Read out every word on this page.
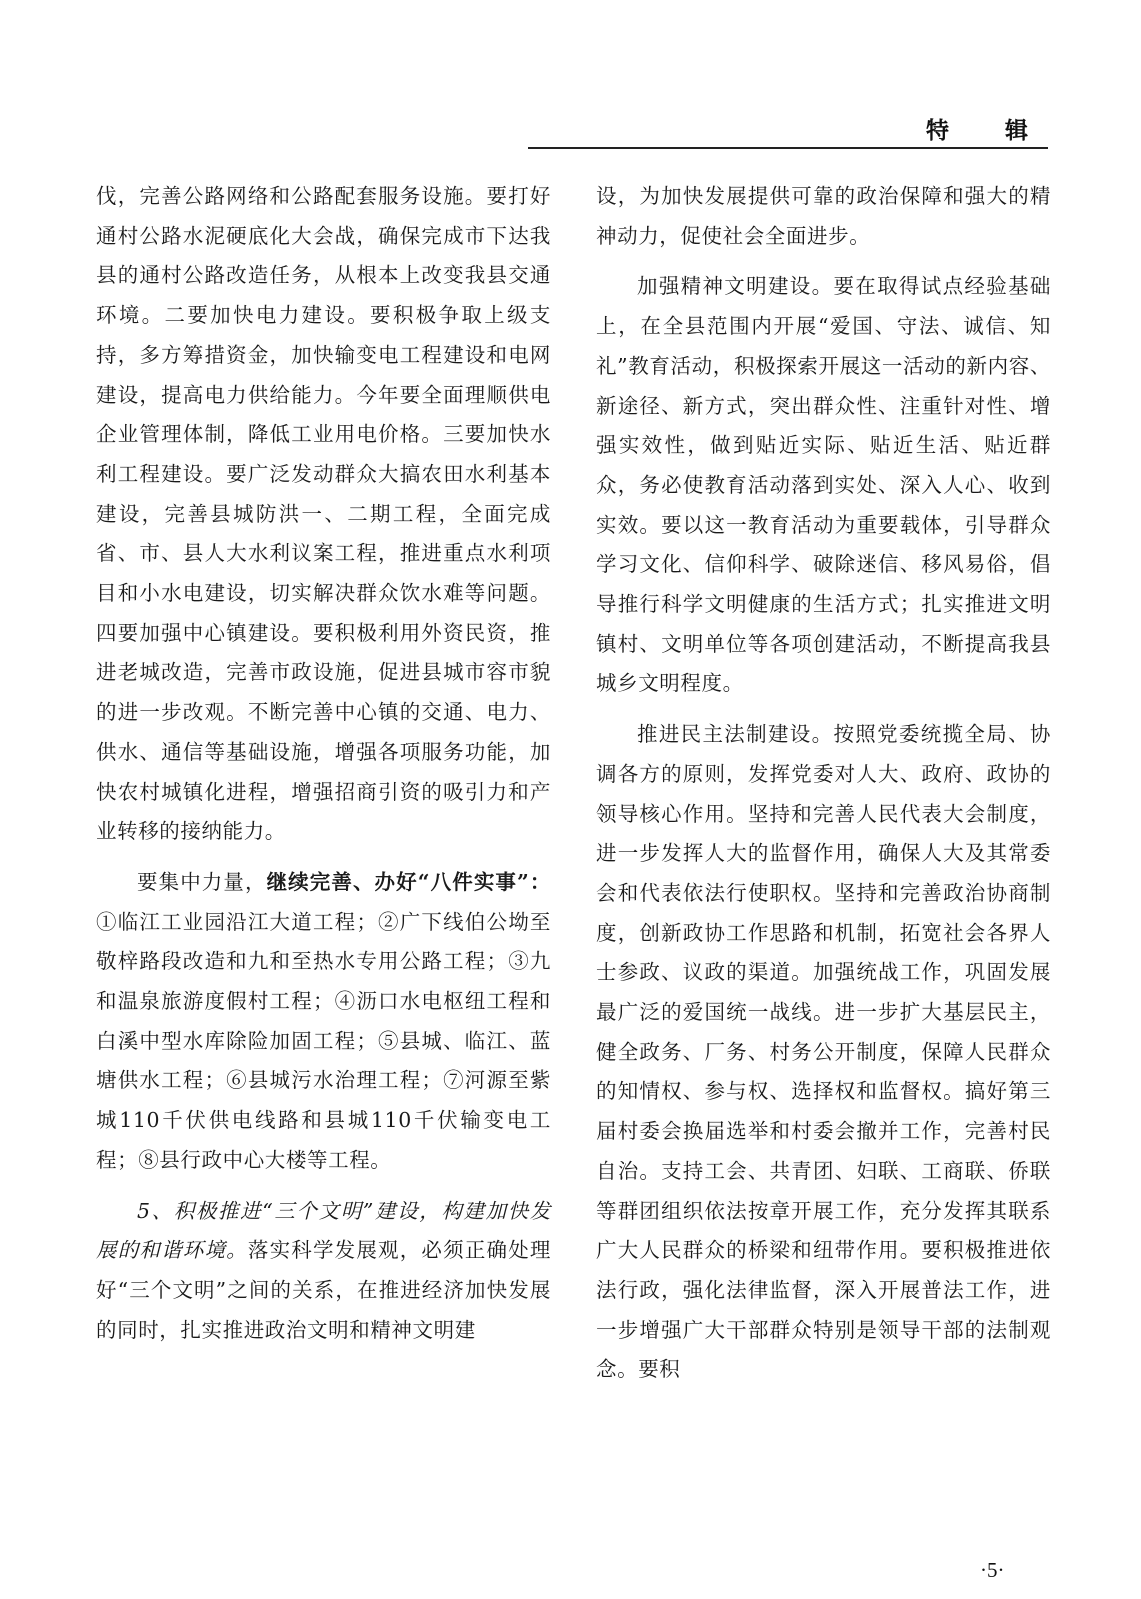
特 辑

伐，完善公路网络和公路配套服务设施。要打好通村公路水泥硬底化大会战，确保完成市下达我县的通村公路改造任务，从根本上改变我县交通环境。二要加快电力建设。要积极争取上级支持，多方筹措资金，加快输变电工程建设和电网建设，提高电力供给能力。今年要全面理顺供电企业管理体制，降低工业用电价格。三要加快水利工程建设。要广泛发动群众大搞农田水利基本建设，完善县城防洪一、二期工程，全面完成省、市、县人大水利议案工程，推进重点水利项目和小水电建设，切实解决群众饮水难等问题。四要加强中心镇建设。要积极利用外资民资，推进老城改造，完善市政设施，促进县城市容市貌的进一步改观。不断完善中心镇的交通、电力、供水、通信等基础设施，增强各项服务功能，加快农村城镇化进程，增强招商引资的吸引力和产业转移的接纳能力。

要集中力量，继续完善、办好“八件实事”：①临江工业园沿江大道工程；②广下线伯公坳至敬梓路段改造和九和至热水专用公路工程；③九和温泉旅游度假村工程；④沥口水电枢纽工程和白溪中型水库除险加固工程；⑤县城、临江、蓝塘供水工程；⑥县城污水治理工程；⑦河源至紫城110千伏供电线路和县城110千伏输变电工程；⑧县行政中心大楼等工程。

5、积极推进“三个文明”建设，构建加快发展的和谐环境。落实科学发展观，必须正确处理好“三个文明”之间的关系，在推进经济加快发展的同时，扎实推进政治文明和精神文明建

设，为加快发展提供可靠的政治保障和强大的精神动力，促使社会全面进步。

加强精神文明建设。要在取得试点经验基础上，在全县范围内开展“爱国、守法、诚信、知礼”教育活动，积极探索开展这一活动的新内容、新途径、新方式，突出群众性、注重针对性、增强实效性，做到贴近实际、贴近生活、贴近群众，务必使教育活动落到实处、深入人心、收到实效。要以这一教育活动为重要载体，引导群众学习文化、信仰科学、破除迷信、移风易俗，倡导推行科学文明健康的生活方式；扎实推进文明镇村、文明单位等各项创建活动，不断提高我县城乡文明程度。

推进民主法制建设。按照党委统揽全局、协调各方的原则，发挥党委对人大、政府、政协的领导核心作用。坚持和完善人民代表大会制度，进一步发挥人大的监督作用，确保人大及其常委会和代表依法行使职权。坚持和完善政治协商制度，创新政协工作思路和机制，拓宽社会各界人士参政、议政的渠道。加强统战工作，巩固发展最广泛的爱国统一战线。进一步扩大基层民主，健全政务、厂务、村务公开制度，保障人民群众的知情权、参与权、选择权和监督权。搞好第三届村委会换届选举和村委会撤并工作，完善村民自治。支持工会、共青团、妇联、工商联、侨联等群团组织依法按章开展工作，充分发挥其联系广大人民群众的桥梁和纽带作用。要积极推进依法行政，强化法律监督，深入开展普法工作，进一步增强广大干部群众特别是领导干部的法制观念。要积

·5·
